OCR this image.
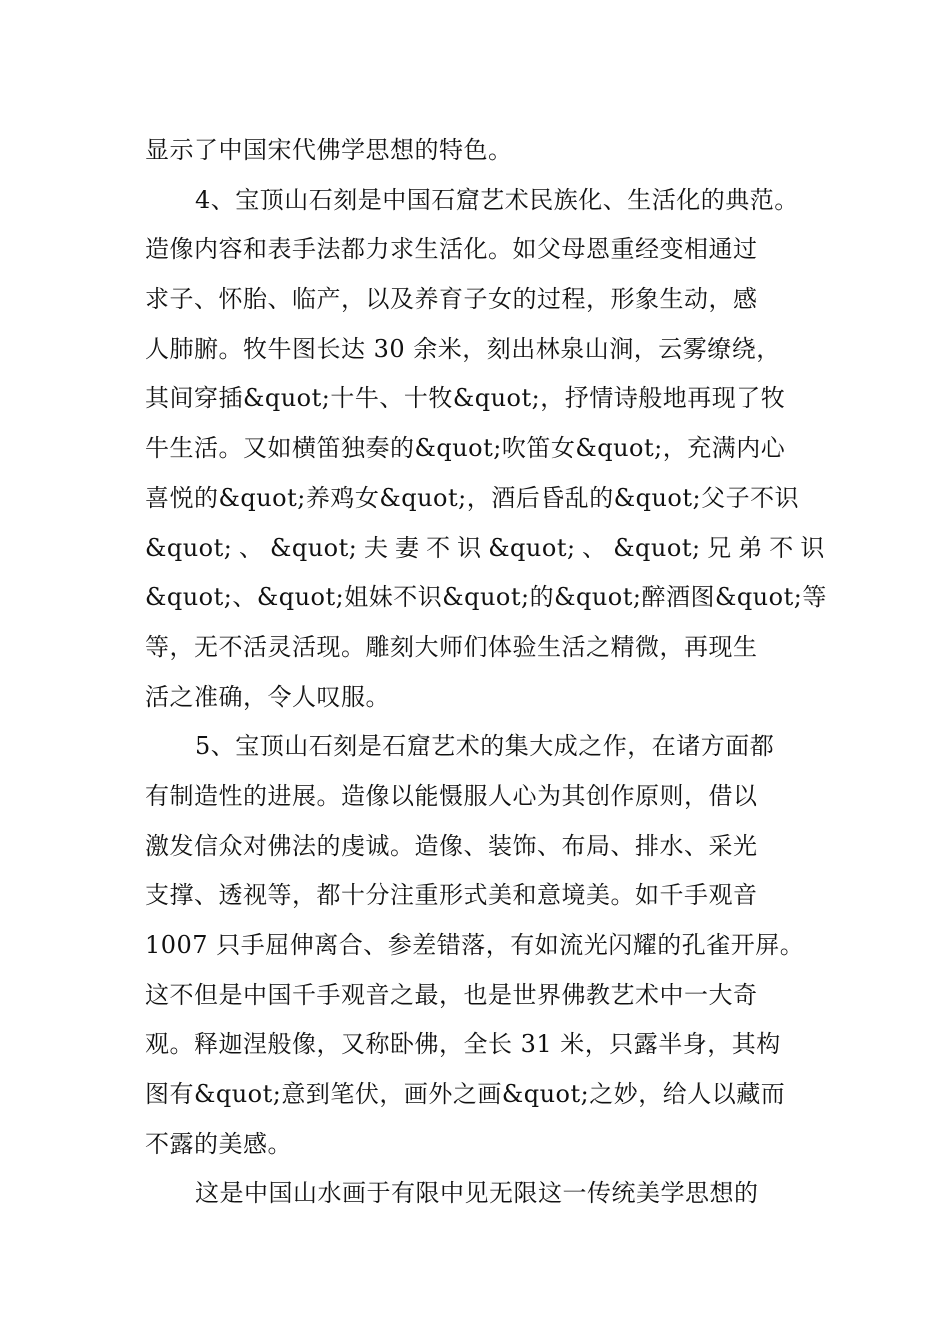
显示了中国宋代佛学思想的特色。
4、宝顶山石刻是中国石窟艺术民族化、生活化的典范。
造像内容和表手法都力求生活化。如父母恩重经变相通过
求子、怀胎、临产，以及养育子女的过程，形象生动，感
人肺腑。牧牛图长达 30 余米，刻出林泉山涧，云雾缭绕，
其间穿插&quot;十牛、十牧&quot;，抒情诗般地再现了牧
牛生活。又如横笛独奏的&quot;吹笛女&quot;，充满内心
喜悦的&quot;养鸡女&quot;，酒后昏乱的&quot;父子不识
&quot; 、 &quot; 夫 妻 不 识 &quot; 、 &quot; 兄 弟 不 识
&quot;、&quot;姐妹不识&quot;的&quot;醉酒图&quot;等
等，无不活灵活现。雕刻大师们体验生活之精微，再现生
活之准确，令人叹服。
5、宝顶山石刻是石窟艺术的集大成之作，在诸方面都
有制造性的进展。造像以能慑服人心为其创作原则，借以
激发信众对佛法的虔诚。造像、装饰、布局、排水、采光
支撑、透视等，都十分注重形式美和意境美。如千手观音
1007 只手屈伸离合、参差错落，有如流光闪耀的孔雀开屏。
这不但是中国千手观音之最，也是世界佛教艺术中一大奇
观。释迦涅般像，又称卧佛，全长 31 米，只露半身，其构
图有&quot;意到笔伏，画外之画&quot;之妙，给人以藏而
不露的美感。
这是中国山水画于有限中见无限这一传统美学思想的
